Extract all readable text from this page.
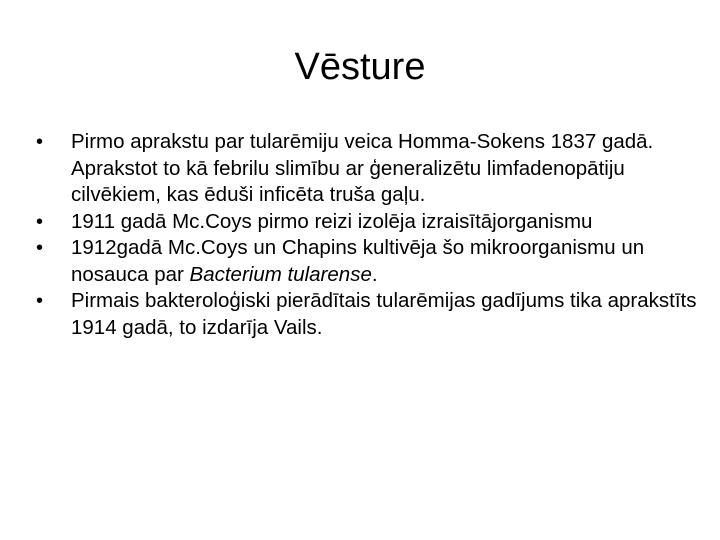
Vēsture
• Pirmo aprakstu par tularēmiju veica Homma-Sokens 1837 gadā. Aprakstot to kā febrilu slimību ar ģeneralizētu limfadenopātiju cilvēkiem, kas ēduši inficēta truša gaļu.
• 1911 gadā Mc.Coys pirmo reizi izolēja izraisītājorganismu
• 1912gadā Mc.Coys un Chapins kultivēja šo mikroorganismu un nosauca par Bacterium tularense.
• Pirmais bakteroloģiski pierādītais tularēmijas gadījums tika aprakstīts 1914 gadā, to izdarīja Vails.
